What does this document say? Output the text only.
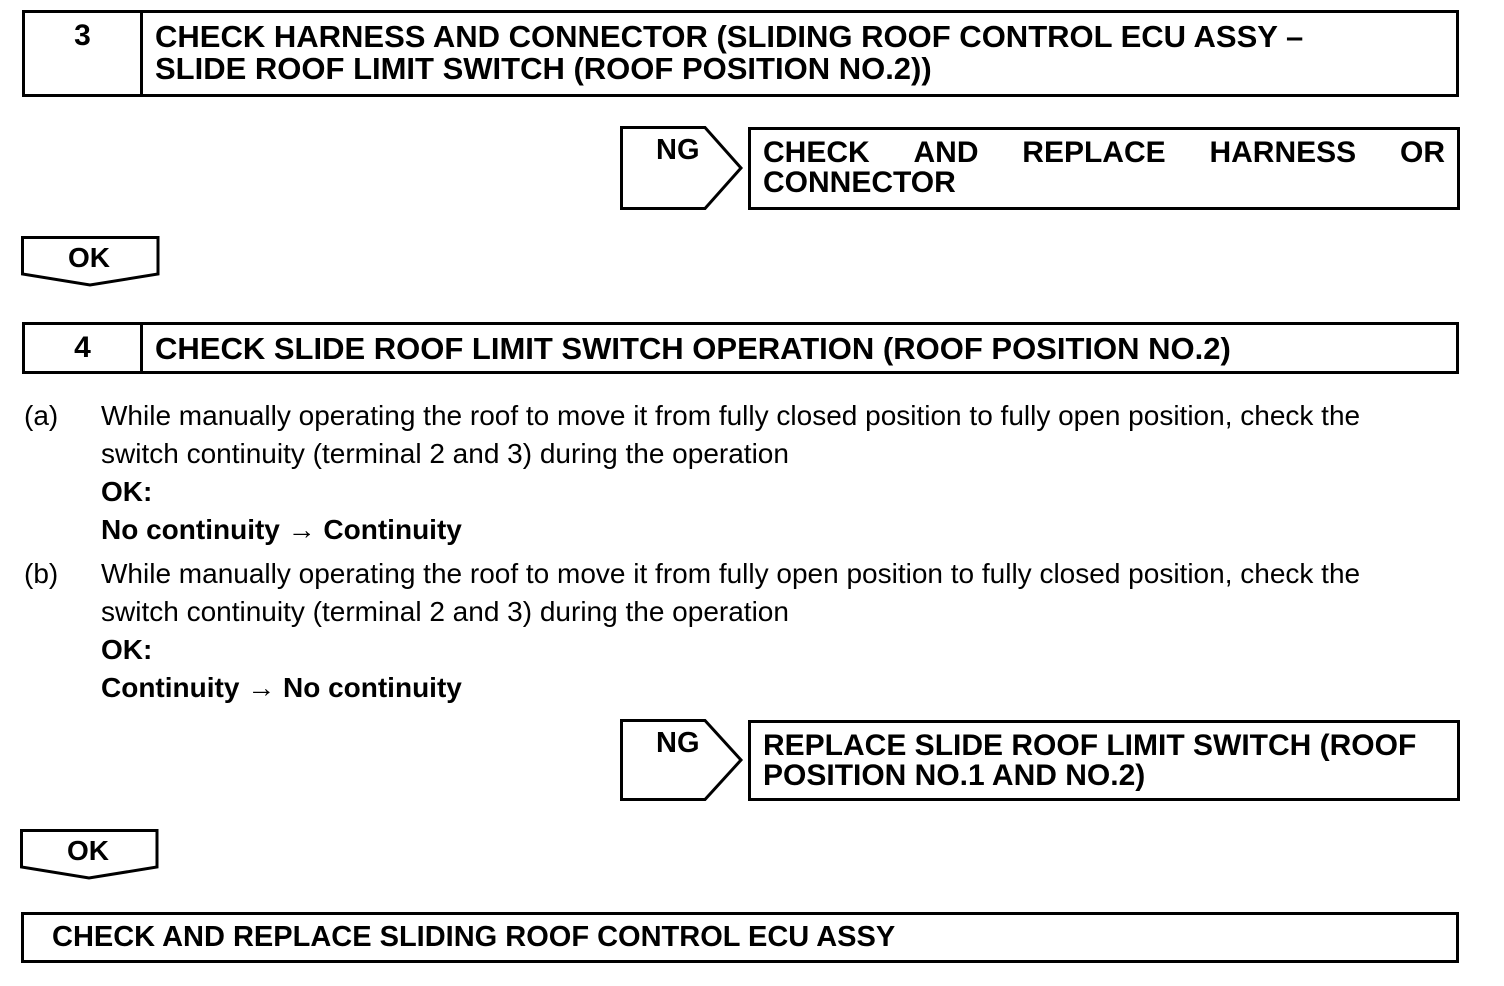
3	CHECK HARNESS AND CONNECTOR (SLIDING ROOF CONTROL ECU ASSY –
SLIDE ROOF LIMIT SWITCH (ROOF POSITION NO.2))
NG CHECK AND REPLACE HARNESS OR
CONNECTOR
OK
4	CHECK SLIDE ROOF LIMIT SWITCH OPERATION (ROOF POSITION NO.2)
(a) While manually operating the roof to move it from fully closed position to fully open position, check the
switch continuity (terminal 2 and 3) during the operation
OK:
No continuity → Continuity
(b) While manually operating the roof to move it from fully open position to fully closed position, check the
switch continuity (terminal 2 and 3) during the operation
OK:
Continuity → No continuity
NG REPLACE SLIDE ROOF LIMIT SWITCH (ROOF
POSITION NO.1 AND NO.2)
OK
CHECK AND REPLACE SLIDING ROOF CONTROL ECU ASSY
